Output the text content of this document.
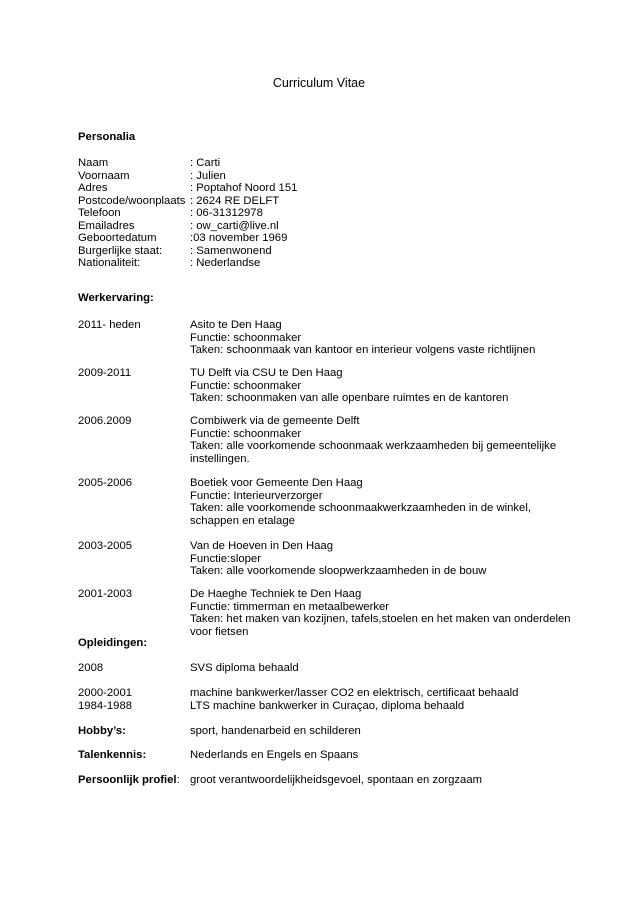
Curriculum Vitae
Personalia
Naam	: Carti
Voornaam	: Julien
Adres	: Poptahof Noord 151
Postcode/woonplaats : 2624 RE DELFT
Telefoon	: 06-31312978
Emailadres	: ow_carti@live.nl
Geboortedatum	:03 november 1969
Burgerlijke staat: : Samenwonend
Nationaliteit:	: Nederlandse
Werkervaring:
2011- heden	Asito te Den Haag
Functie: schoonmaker
Taken: schoonmaak van kantoor en interieur volgens vaste richtlijnen
2009-2011	TU Delft via CSU te Den Haag
Functie: schoonmaker
Taken: schoonmaken van alle openbare ruimtes en de kantoren
2006.2009	Combiwerk via de gemeente Delft
Functie: schoonmaker
Taken: alle voorkomende schoonmaak werkzaamheden bij gemeentelijke
instellingen.
2005-2006	Boetiek voor Gemeente Den Haag
Functie: Interieurverzorger
Taken: alle voorkomende schoonmaakwerkzaamheden in de winkel,
schappen en etalage
2003-2005	Van de Hoeven in Den Haag
Functie:sloper
Taken: alle voorkomende sloopwerkzaamheden in de bouw
2001-2003	De Haeghe Techniek te Den Haag
Functie: timmerman en metaalbewerker
Taken: het maken van kozijnen, tafels,stoelen en het maken van onderdelen
voor fietsen
Opleidingen:
2008	SVS diploma behaald
2000-2001	machine bankwerker/lasser CO2 en elektrisch, certificaat behaald
1984-1988	LTS machine bankwerker in Curaçao, diploma behaald
Hobby’s:	sport, handenarbeid en schilderen
Talenkennis:	Nederlands en Engels en Spaans
Persoonlijk profiel: groot verantwoordelijkheidsgevoel, spontaan en zorgzaam
